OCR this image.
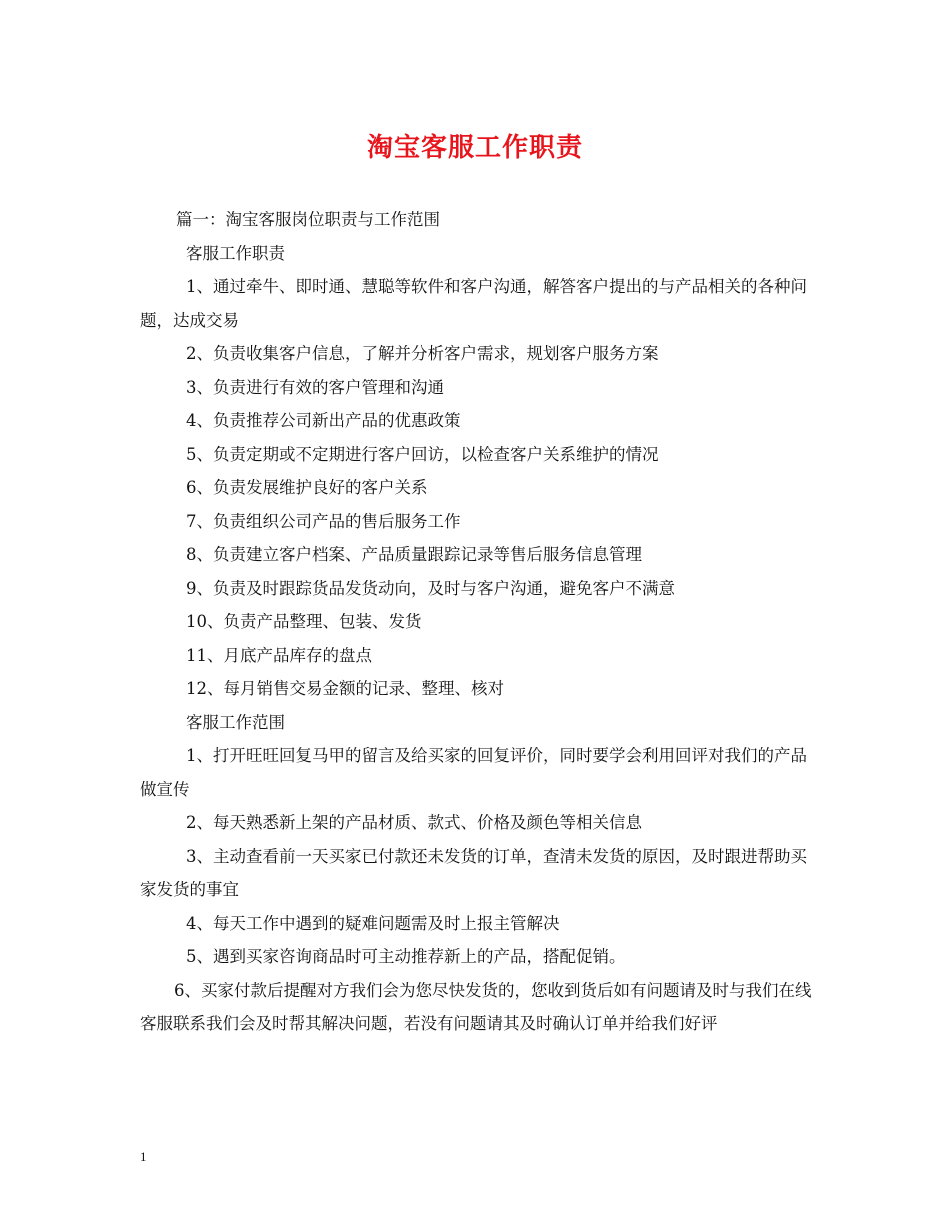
淘宝客服工作职责

篇一：淘宝客服岗位职责与工作范围

客服工作职责

1、通过牵牛、即时通、慧聪等软件和客户沟通，解答客户提出的与产品相关的各种问题，达成交易

2、负责收集客户信息，了解并分析客户需求，规划客户服务方案

3、负责进行有效的客户管理和沟通

4、负责推荐公司新出产品的优惠政策

5、负责定期或不定期进行客户回访，以检查客户关系维护的情况

6、负责发展维护良好的客户关系

7、负责组织公司产品的售后服务工作

8、负责建立客户档案、产品质量跟踪记录等售后服务信息管理

9、负责及时跟踪货品发货动向，及时与客户沟通，避免客户不满意

10、负责产品整理、包装、发货

11、月底产品库存的盘点

12、每月销售交易金额的记录、整理、核对

客服工作范围

1、打开旺旺回复马甲的留言及给买家的回复评价，同时要学会利用回评对我们的产品做宣传

2、每天熟悉新上架的产品材质、款式、价格及颜色等相关信息

3、主动查看前一天买家已付款还未发货的订单，查清未发货的原因，及时跟进帮助买家发货的事宜

4、每天工作中遇到的疑难问题需及时上报主管解决

5、遇到买家咨询商品时可主动推荐新上的产品，搭配促销。

6、买家付款后提醒对方我们会为您尽快发货的，您收到货后如有问题请及时与我们在线客服联系我们会及时帮其解决问题，若没有问题请其及时确认订单并给我们好评

1
